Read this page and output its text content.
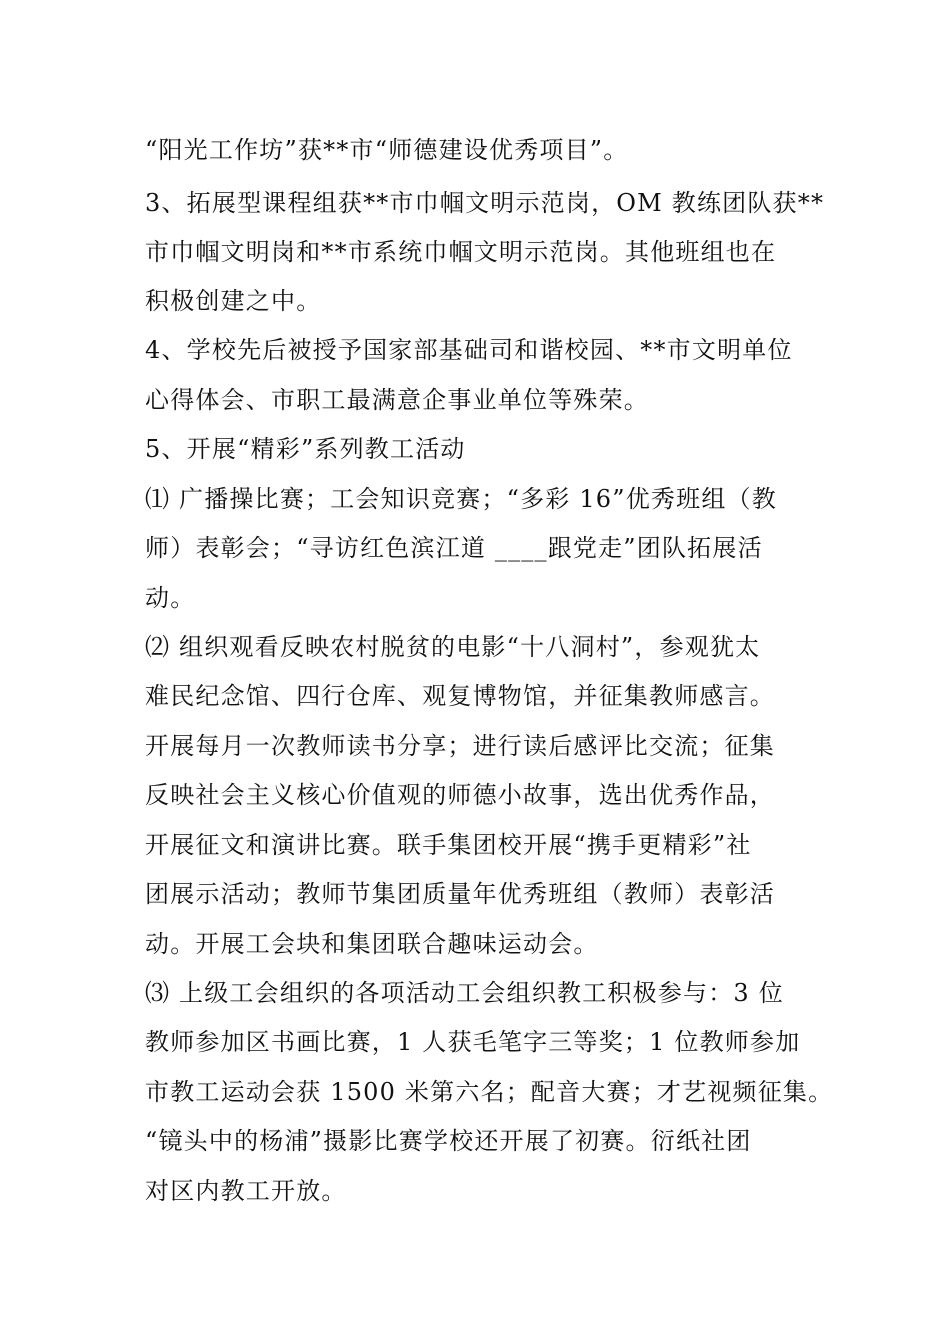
“阳光工作坊”获**市“师德建设优秀项目”。
3、拓展型课程组获**市巾帼文明示范岗，OM 教练团队获**
市巾帼文明岗和**市系统巾帼文明示范岗。其他班组也在
积极创建之中。
4、学校先后被授予国家部基础司和谐校园、**市文明单位
心得体会、市职工最满意企事业单位等殊荣。
5、开展“精彩”系列教工活动
⑴ 广播操比赛；工会知识竞赛；“多彩 16”优秀班组（教
师）表彰会；“寻访红色滨江道 ____跟党走”团队拓展活
动。
⑵ 组织观看反映农村脱贫的电影“十八洞村”，参观犹太
难民纪念馆、四行仓库、观复博物馆，并征集教师感言。
开展每月一次教师读书分享；进行读后感评比交流；征集
反映社会主义核心价值观的师德小故事，选出优秀作品，
开展征文和演讲比赛。联手集团校开展“携手更精彩”社
团展示活动；教师节集团质量年优秀班组（教师）表彰活
动。开展工会块和集团联合趣味运动会。
⑶ 上级工会组织的各项活动工会组织教工积极参与：3 位
教师参加区书画比赛，1 人获毛笔字三等奖；1 位教师参加
市教工运动会获 1500 米第六名；配音大赛；才艺视频征集。
“镜头中的杨浦”摄影比赛学校还开展了初赛。衍纸社团
对区内教工开放。
